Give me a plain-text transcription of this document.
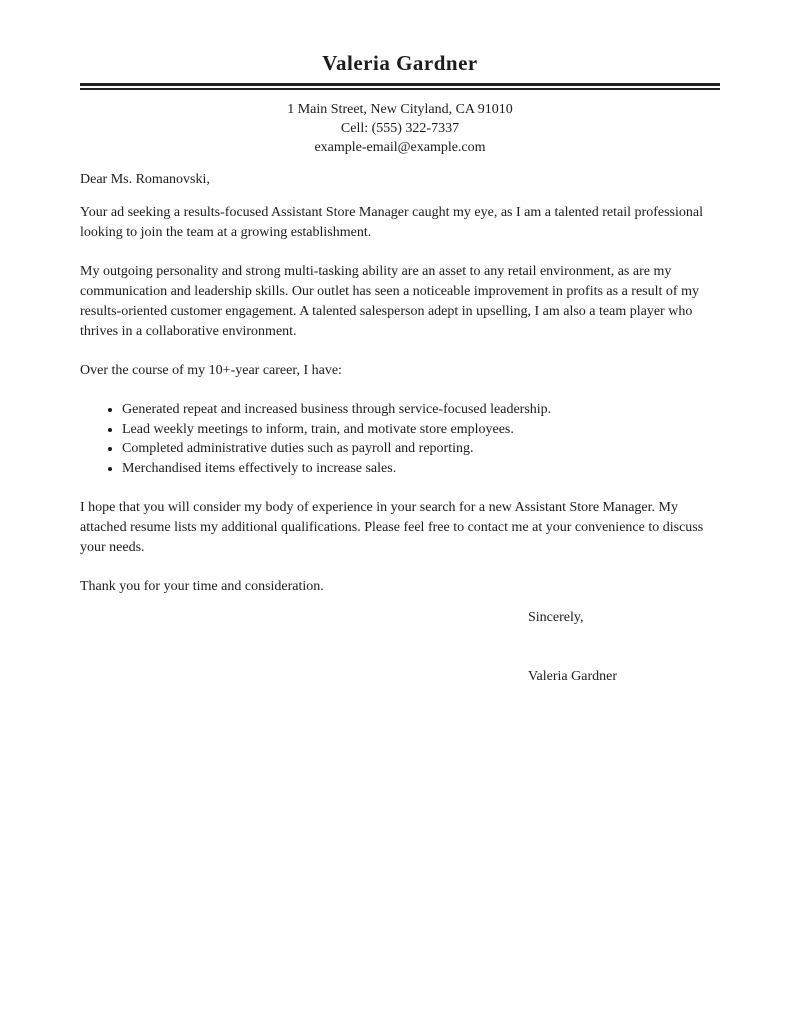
Valeria Gardner
1 Main Street, New Cityland, CA 91010
Cell: (555) 322-7337
example-email@example.com

Dear Ms. Romanovski,

Your ad seeking a results-focused Assistant Store Manager caught my eye, as I am a talented retail professional looking to join the team at a growing establishment.

My outgoing personality and strong multi-tasking ability are an asset to any retail environment, as are my communication and leadership skills. Our outlet has seen a noticeable improvement in profits as a result of my results-oriented customer engagement. A talented salesperson adept in upselling, I am also a team player who thrives in a collaborative environment.

Over the course of my 10+-year career, I have:

• Generated repeat and increased business through service-focused leadership.
• Lead weekly meetings to inform, train, and motivate store employees.
• Completed administrative duties such as payroll and reporting.
• Merchandised items effectively to increase sales.

I hope that you will consider my body of experience in your search for a new Assistant Store Manager. My attached resume lists my additional qualifications. Please feel free to contact me at your convenience to discuss your needs.

Thank you for your time and consideration.

Sincerely,

Valeria Gardner
